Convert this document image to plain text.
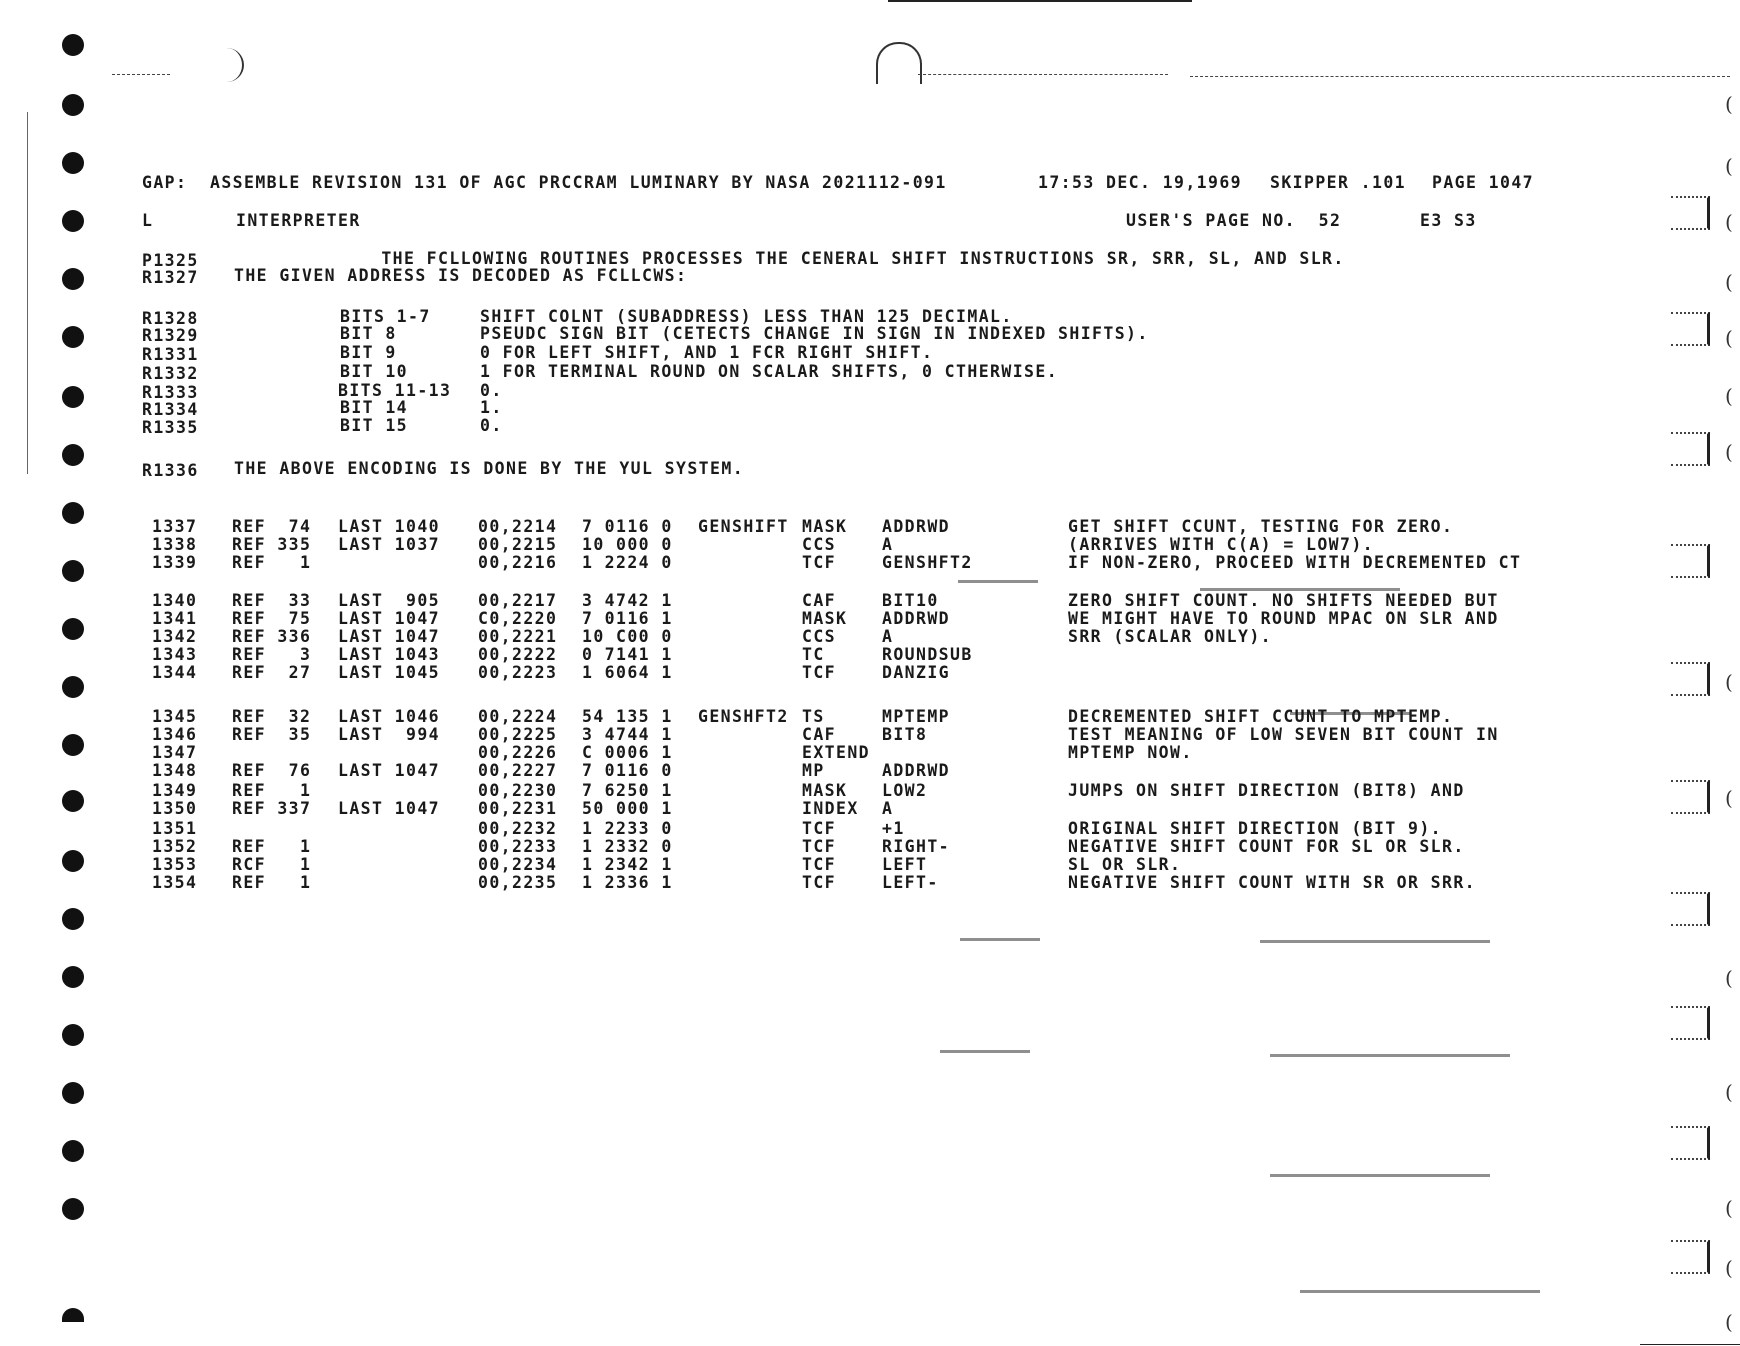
(
(
(
(
(
(
(
(
(
(
(
(
(
(
GAP:  ASSEMBLE REVISION 131 OF AGC PRCCRAM LUMINARY BY NASA 2021112-091	17:53 DEC. 19,1969 SKIPPER .101 PAGE 1047
L	INTERPRETER	USER'S PAGE NO.  52	E3 S3
P1325 THE FCLLOWING ROUTINES PROCESSES THE CENERAL SHIFT INSTRUCTIONS SR, SRR, SL, AND SLR.
R1327 THE GIVEN ADDRESS IS DECODED AS FCLLCWS:
R1328	BITS 1-7	SHIFT COLNT (SUBADDRESS) LESS THAN 125 DECIMAL.
R1329	BIT 8	PSEUDC SIGN BIT (CETECTS CHANGE IN SIGN IN INDEXED SHIFTS).
R1331	BIT 9	0 FOR LEFT SHIFT, AND 1 FCR RIGHT SHIFT.
R1332	BIT 10	1 FOR TERMINAL ROUND ON SCALAR SHIFTS, 0 CTHERWISE.
R1333	BITS 11-13 0.
R1334	BIT 14	1.
R1335	BIT 15	0.
R1336 THE ABOVE ENCODING IS DONE BY THE YUL SYSTEM.
1337 REF  74 LAST 1040 00,2214 7 0116 0 GENSHIFT MASK ADDRWD	GET SHIFT CCUNT, TESTING FOR ZERO.
1338 REF 335 LAST 1037 00,2215 10 000 0	CCS	A	(ARRIVES WITH C(A) = LOW7).
1339 REF   1	00,2216 1 2224 0	TCF	GENSHFT2	IF NON-ZERO, PROCEED WITH DECREMENTED CT
1340 REF  33 LAST  905 00,2217 3 4742 1	CAF	BIT10	ZERO SHIFT COUNT. NO SHIFTS NEEDED BUT
1341 REF  75 LAST 1047 C0,2220 7 0116 1	MASK ADDRWD	WE MIGHT HAVE TO ROUND MPAC ON SLR AND
1342 REF 336 LAST 1047 00,2221 10 C00 0	CCS	A	SRR (SCALAR ONLY).
1343 REF   3 LAST 1043 00,2222 0 7141 1	TC	ROUNDSUB
1344 REF  27 LAST 1045 00,2223 1 6064 1	TCF	DANZIG
1345 REF  32 LAST 1046 00,2224 54 135 1 GENSHFT2 TS	MPTEMP	DECREMENTED SHIFT CCUNT TO MPTEMP.
1346 REF  35 LAST  994 00,2225 3 4744 1	CAF	BIT8	TEST MEANING OF LOW SEVEN BIT COUNT IN
1347	00,2226 C 0006 1	EXTEND	MPTEMP NOW.
1348 REF  76 LAST 1047 00,2227 7 0116 0	MP	ADDRWD
1349 REF   1	00,2230 7 6250 1	MASK LOW2	JUMPS ON SHIFT DIRECTION (BIT8) AND
1350 REF 337 LAST 1047 00,2231 50 000 1	INDEX A
1351	00,2232 1 2233 0	TCF	+1	ORIGINAL SHIFT DIRECTION (BIT 9).
1352 REF   1	00,2233 1 2332 0	TCF	RIGHT-	NEGATIVE SHIFT COUNT FOR SL OR SLR.
1353 RCF   1	00,2234 1 2342 1	TCF	LEFT	SL OR SLR.
1354 REF   1	00,2235 1 2336 1	TCF	LEFT-	NEGATIVE SHIFT COUNT WITH SR OR SRR.
